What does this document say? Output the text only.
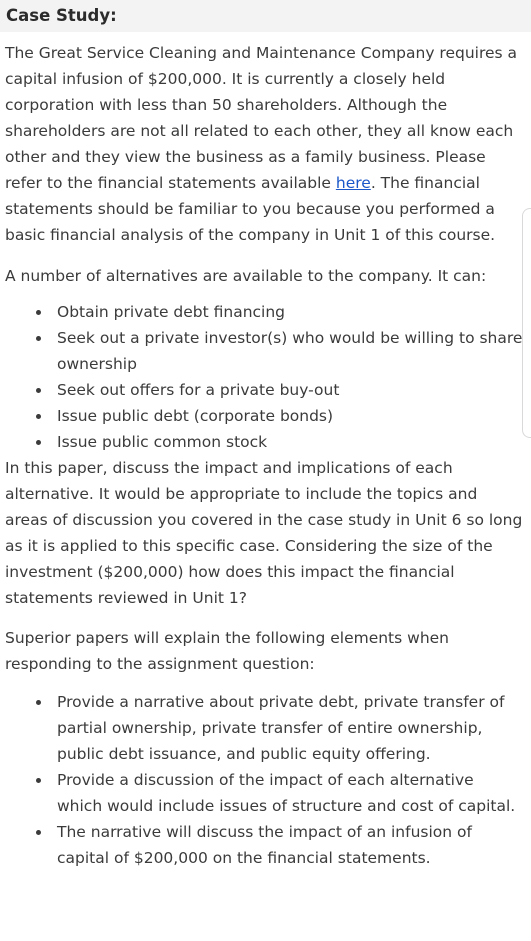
Case Study:

The Great Service Cleaning and Maintenance Company requires a capital infusion of $200,000. It is currently a closely held corporation with less than 50 shareholders. Although the shareholders are not all related to each other, they all know each other and they view the business as a family business. Please refer to the financial statements available here. The financial statements should be familiar to you because you performed a basic financial analysis of the company in Unit 1 of this course.

A number of alternatives are available to the company. It can:

Obtain private debt financing
Seek out a private investor(s) who would be willing to share ownership
Seek out offers for a private buy-out
Issue public debt (corporate bonds)
Issue public common stock

In this paper, discuss the impact and implications of each alternative. It would be appropriate to include the topics and areas of discussion you covered in the case study in Unit 6 so long as it is applied to this specific case. Considering the size of the investment ($200,000) how does this impact the financial statements reviewed in Unit 1?

Superior papers will explain the following elements when responding to the assignment question:

Provide a narrative about private debt, private transfer of partial ownership, private transfer of entire ownership, public debt issuance, and public equity offering.
Provide a discussion of the impact of each alternative which would include issues of structure and cost of capital.
The narrative will discuss the impact of an infusion of capital of $200,000 on the financial statements.
